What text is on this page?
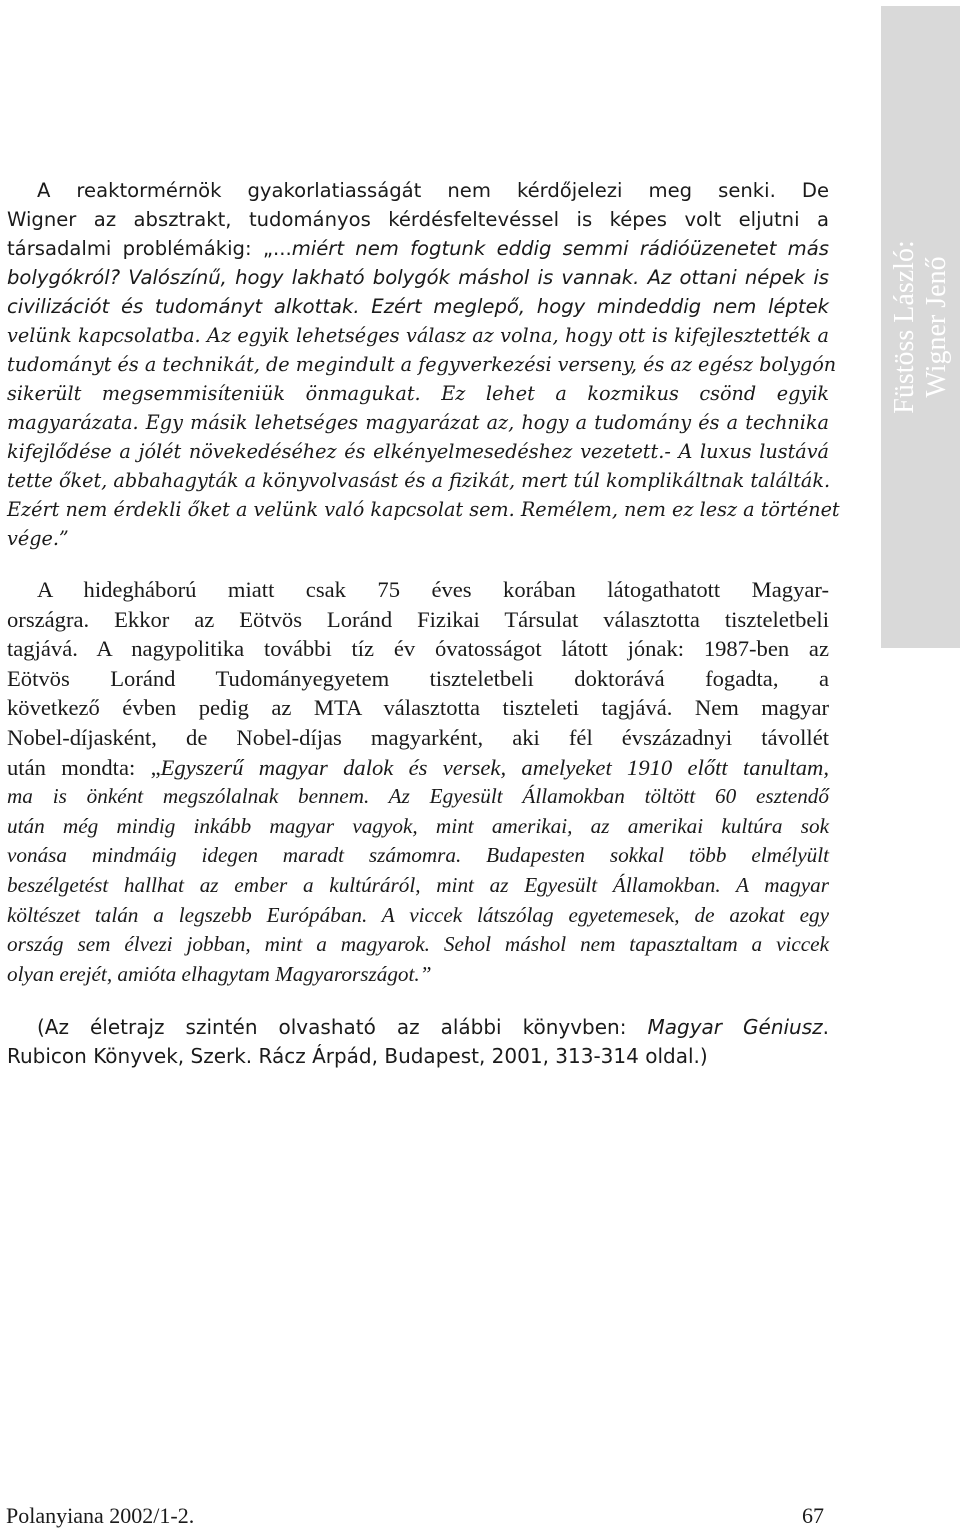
Füstöss László: Wigner Jenő
A reaktormérnök gyakorlatiasságát nem kérdőjelezi meg senki. De
Wigner az absztrakt, tudományos kérdésfeltevéssel is képes volt eljutni a
társadalmi problémákig: „...miért nem fogtunk eddig semmi rádióüzenetet más
bolygókról? Valószínű, hogy lakható bolygók máshol is vannak. Az ottani népek is
civilizációt és tudományt alkottak. Ezért meglepő, hogy mindeddig nem léptek
velünk kapcsolatba. Az egyik lehetséges válasz az volna, hogy ott is kifejlesztették a
tudományt és a technikát, de megindult a fegyverkezési verseny, és az egész bolygón
sikerült megsemmisíteniük önmagukat. Ez lehet a kozmikus csönd egyik
magyarázata. Egy másik lehetséges magyarázat az, hogy a tudomány és a technika
kifejlődése a jólét növekedéséhez és elkényelmesedéshez vezetett.- A luxus lustává
tette őket, abbahagyták a könyvolvasást és a fizikát, mert túl komplikáltnak találták.
Ezért nem érdekli őket a velünk való kapcsolat sem. Remélem, nem ez lesz a történet
vége.”
A hidegháború miatt csak 75 éves korában látogathatott Magyar-
országra. Ekkor az Eötvös Loránd Fizikai Társulat választotta tiszteletbeli
tagjává. A nagypolitika további tíz év óvatosságot látott jónak: 1987-ben az
Eötvös Loránd Tudományegyetem tiszteletbeli doktorává fogadta, a
következő évben pedig az MTA választotta tiszteleti tagjává. Nem magyar
Nobel-díjasként, de Nobel-díjas magyarként, aki fél évszázadnyi távollét
után mondta: „Egyszerű magyar dalok és versek, amelyeket 1910 előtt tanultam,
ma is önként megszólalnak bennem. Az Egyesült Államokban töltött 60 esztendő
után még mindig inkább magyar vagyok, mint amerikai, az amerikai kultúra sok
vonása mindmáig idegen maradt számomra. Budapesten sokkal több elmélyült
beszélgetést hallhat az ember a kultúráról, mint az Egyesült Államokban. A magyar
költészet talán a legszebb Európában. A viccek látszólag egyetemesek, de azokat egy
ország sem élvezi jobban, mint a magyarok. Sehol máshol nem tapasztaltam a viccek
olyan erejét, amióta elhagytam Magyarországot.”
(Az életrajz szintén olvasható az alábbi könyvben: Magyar Géniusz.
Rubicon Könyvek, Szerk. Rácz Árpád, Budapest, 2001, 313-314 oldal.)
Polanyiana 2002/1-2.	67
